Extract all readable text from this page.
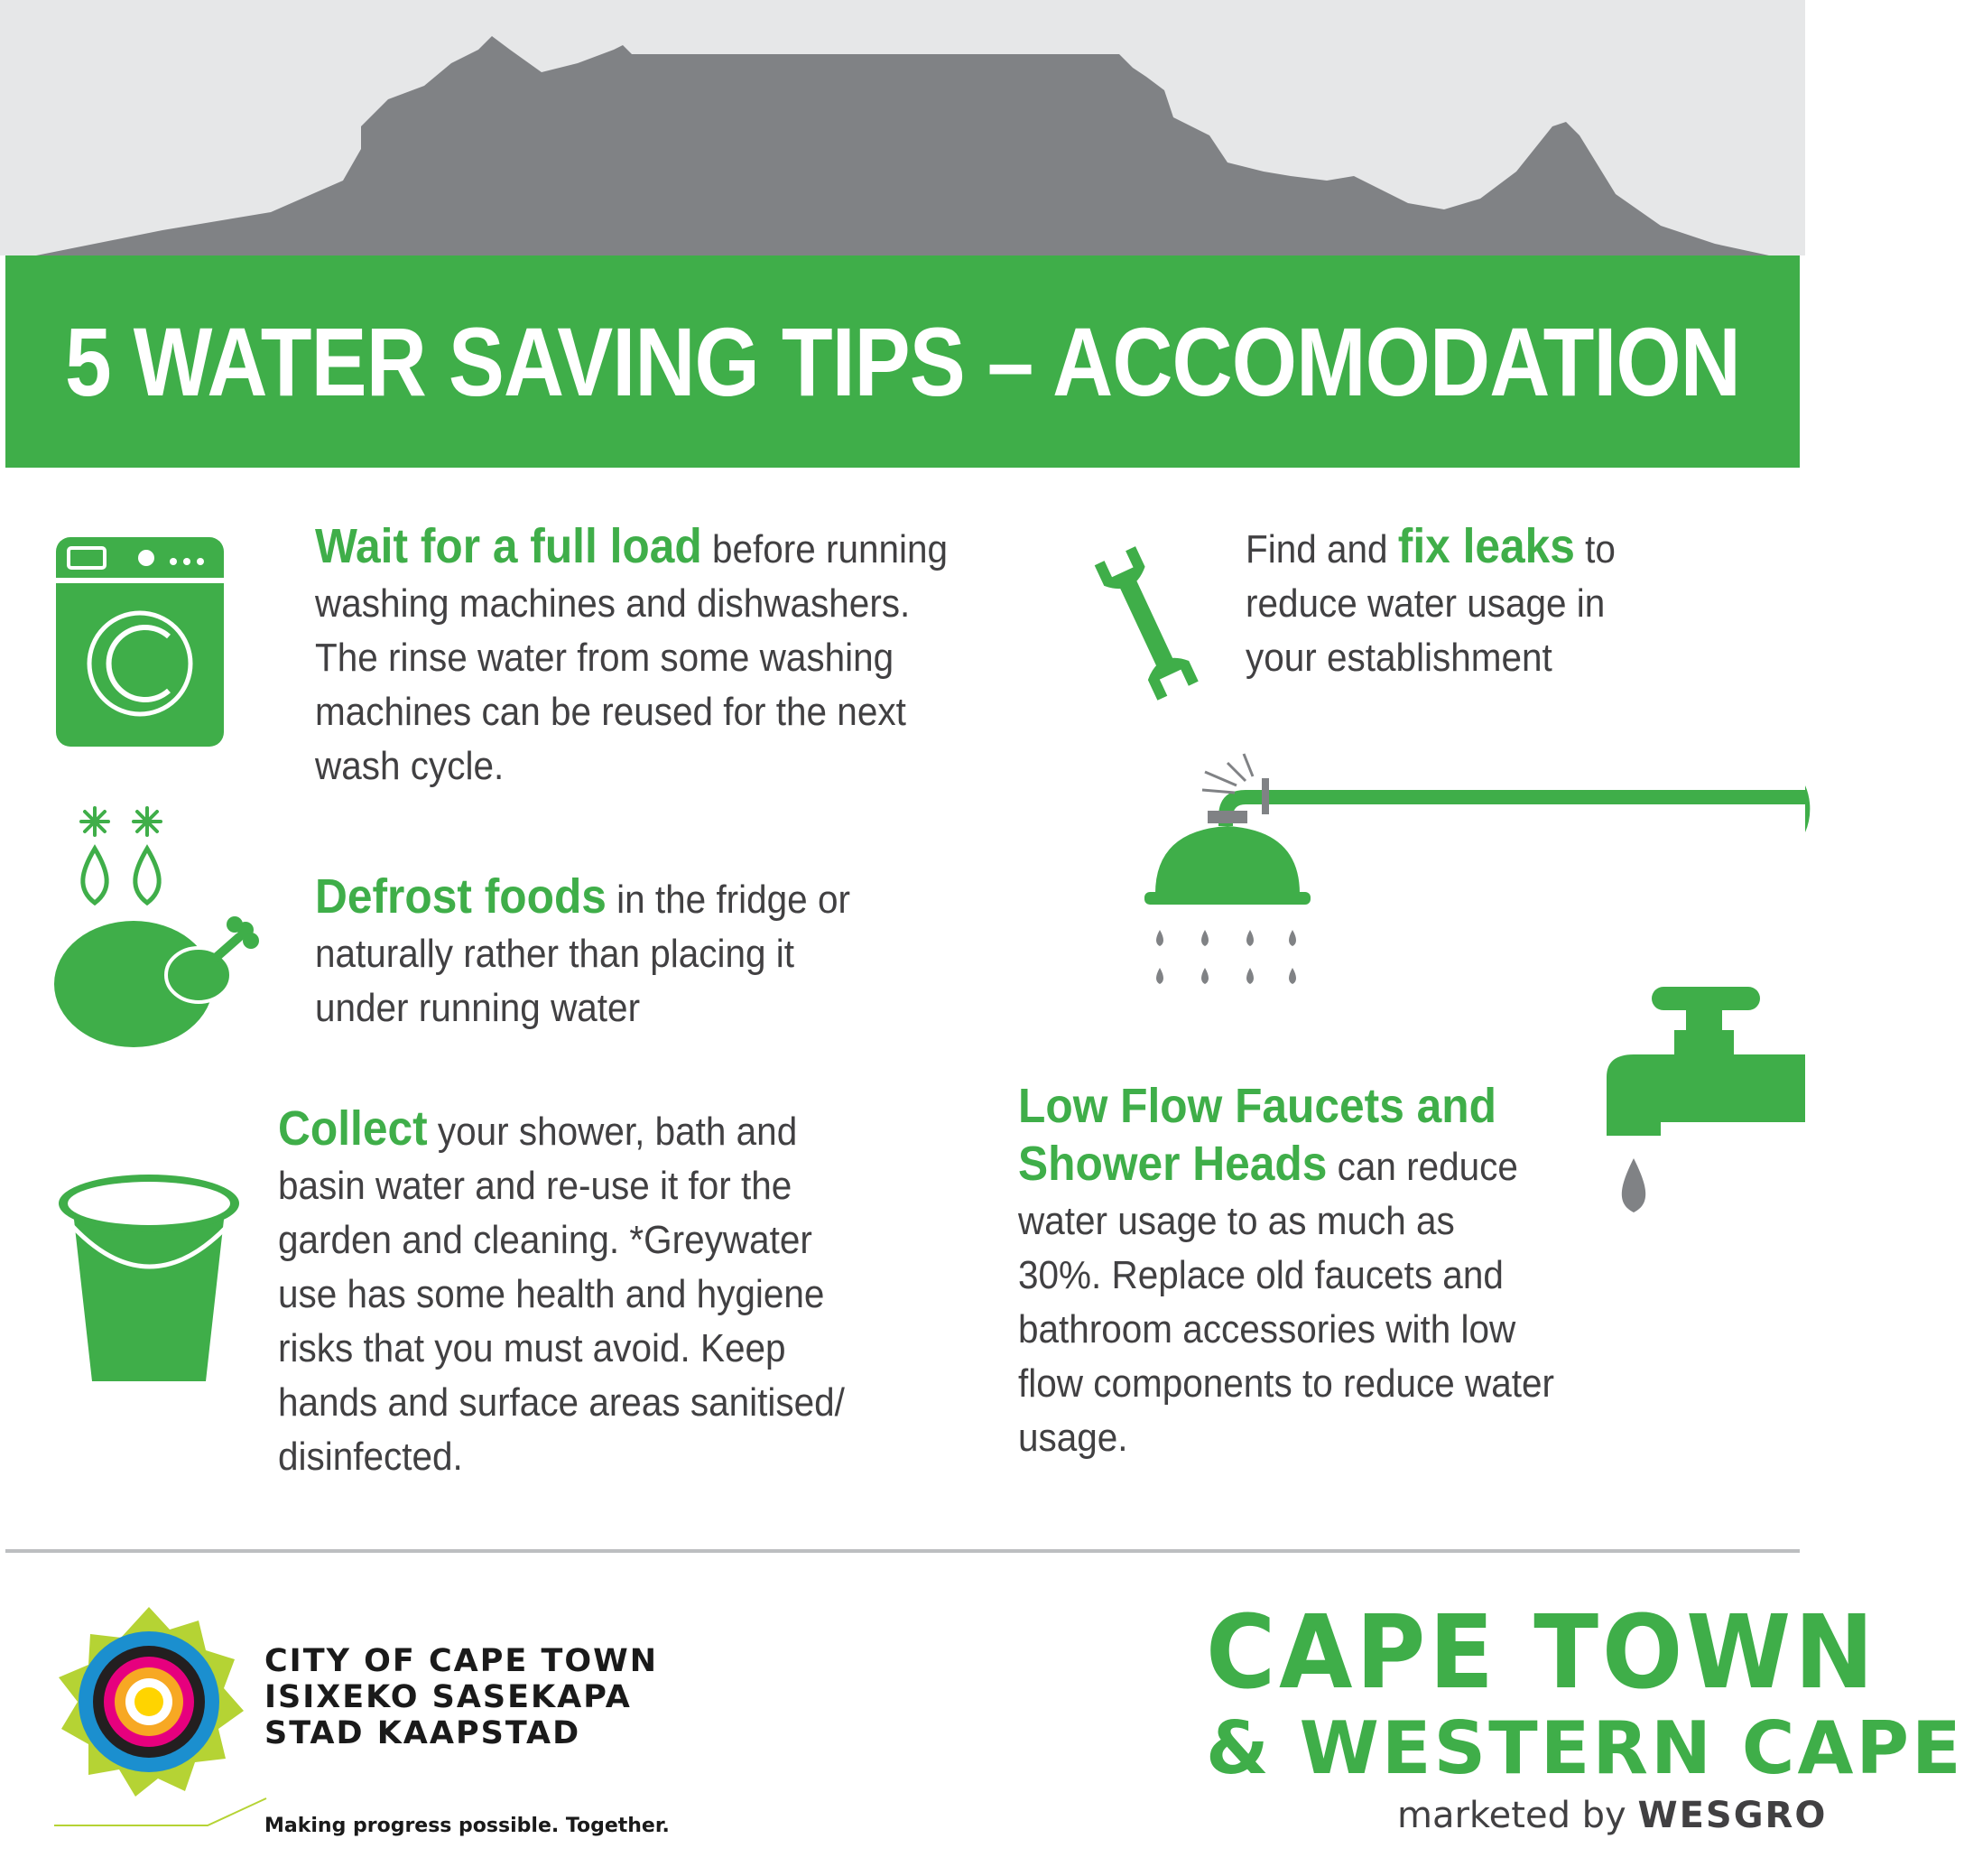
5 WATER SAVING TIPS – ACCOMODATION
Wait for a full load before running
washing machines and dishwashers.
The rinse water from some washing
machines can be reused for the next
wash cycle.
Defrost foods in the fridge or
naturally rather than placing it
under running water
Collect your shower, bath and
basin water and re-use it for the
garden and cleaning. *Greywater
use has some health and hygiene
risks that you must avoid. Keep
hands and surface areas sanitised/
disinfected.
Find and fix leaks to
reduce water usage in
your establishment
Low Flow Faucets and
Shower Heads can reduce
water usage to as much as
30%. Replace old faucets and
bathroom accessories with low
flow components to reduce water
usage.
CITY OF CAPE TOWN
ISIXEKO SASEKAPA
STAD KAAPSTAD
Making progress possible. Together.
CAPE TOWN
& WESTERN CAPE
marketed by WESGRO
